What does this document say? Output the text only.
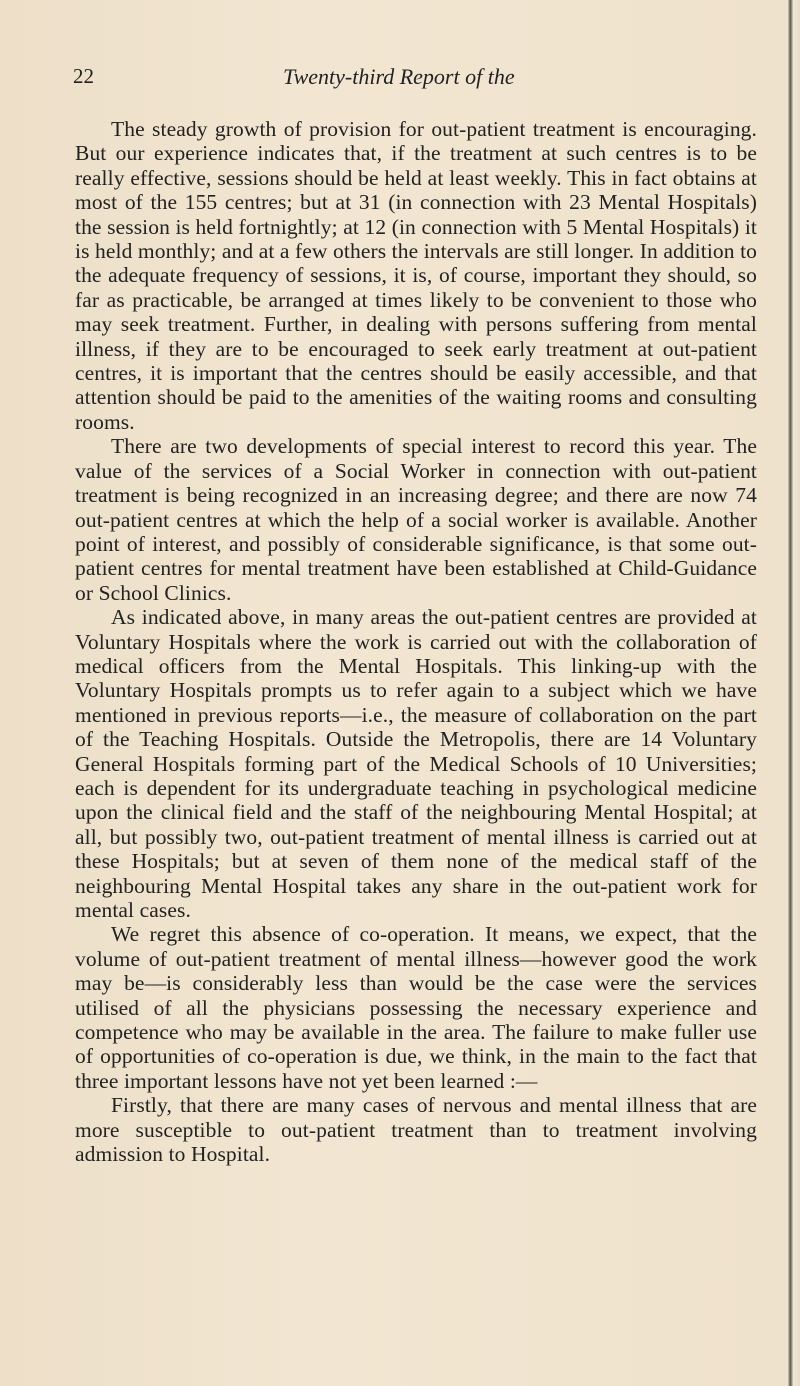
22	Twenty-third Report of the

The steady growth of provision for out-patient treatment is encouraging. But our experience indicates that, if the treatment at such centres is to be really effective, sessions should be held at least weekly. This in fact obtains at most of the 155 centres; but at 31 (in connection with 23 Mental Hospitals) the session is held fortnightly; at 12 (in connection with 5 Mental Hospitals) it is held monthly; and at a few others the intervals are still longer. In addition to the adequate frequency of sessions, it is, of course, important they should, so far as practicable, be arranged at times likely to be convenient to those who may seek treatment. Further, in dealing with persons suffering from mental illness, if they are to be encouraged to seek early treatment at out-patient centres, it is important that the centres should be easily accessible, and that attention should be paid to the amenities of the waiting rooms and consulting rooms.

There are two developments of special interest to record this year. The value of the services of a Social Worker in connection with out-patient treatment is being recognized in an increasing degree; and there are now 74 out-patient centres at which the help of a social worker is available. Another point of interest, and possibly of considerable significance, is that some out-patient centres for mental treatment have been established at Child-Guidance or School Clinics.

As indicated above, in many areas the out-patient centres are provided at Voluntary Hospitals where the work is carried out with the collaboration of medical officers from the Mental Hospitals. This linking-up with the Voluntary Hospitals prompts us to refer again to a subject which we have mentioned in previous reports—i.e., the measure of collaboration on the part of the Teaching Hospitals. Outside the Metropolis, there are 14 Voluntary General Hospitals forming part of the Medical Schools of 10 Universities; each is dependent for its undergraduate teaching in psychological medicine upon the clinical field and the staff of the neighbouring Mental Hospital; at all, but possibly two, out-patient treatment of mental illness is carried out at these Hospitals; but at seven of them none of the medical staff of the neighbouring Mental Hospital takes any share in the out-patient work for mental cases.

We regret this absence of co-operation. It means, we expect, that the volume of out-patient treatment of mental illness—however good the work may be—is considerably less than would be the case were the services utilised of all the physicians possessing the necessary experience and competence who may be available in the area. The failure to make fuller use of opportunities of co-operation is due, we think, in the main to the fact that three important lessons have not yet been learned :—

Firstly, that there are many cases of nervous and mental illness that are more susceptible to out-patient treatment than to treatment involving admission to Hospital.
